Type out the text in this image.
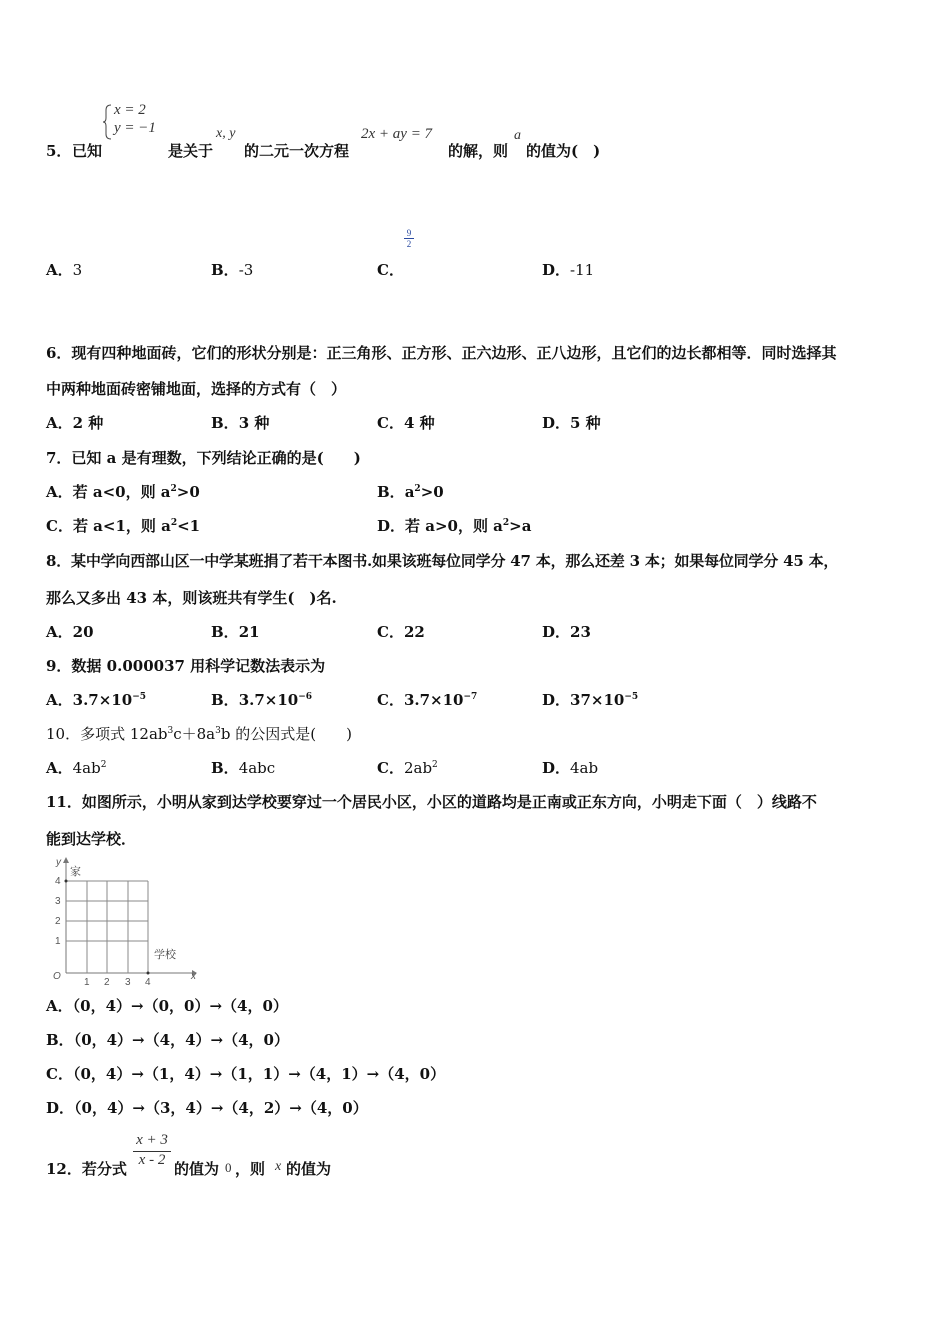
5． 已知
x = 2
y = −1
是关于
x, y
的二元一次方程
2x + ay = 7
的解，则
a
的值为(　)
A．3	B．-3	C．
$\frac{9}{2}$
D．-11
6．现有四种地面砖，它们的形状分别是：正三角形、正方形、正六边形、正八边形，且它们的边长都相等．同时选择其
中两种地面砖密铺地面，选择的方式有（　）
A．2 种	B．3 种	C．4 种	D．5 种
7．已知 a 是有理数，下列结论正确的是(　　)
A．若 a<0，则 $a^2>0$	B．$a^2>0$
C．若 a<1，则 $a^2<1$	D．若 a>0，则 $a^2>a$
8．某中学向西部山区一中学某班捐了若干本图书.如果该班每位同学分 47 本，那么还差 3 本；如果每位同学分 45 本，
那么又多出 43 本，则该班共有学生(　)名.
A．20	B．21	C．22	D．23
9．数据 0.000037 用科学记数法表示为
A．$3.7\times 10^{-5}$	B．$3.7\times 10^{-6}$	C．$3.7\times 10^{-7}$	D．$37\times 10^{-5}$
10．多项式 $12ab^3c+8a^3b$ 的公因式是(　　)
A．$4ab^2$	B．4abc	C．$2ab^2$	D．4ab
11．如图所示，小明从家到达学校要穿过一个居民小区，小区的道路均是正南或正东方向，小明走下面（　）线路不
能到达学校．
y
x
O
家
学校
1 2 3 4
1
2
3
4
A．（0，4）→（0，0）→（4，0）
B．（0，4）→（4，4）→（4，0）
C．（0，4）→（1，4）→（1，1）→（4，1）→（4，0）
D．（0，4）→（3，4）→（4，2）→（4，0）
12．若分式 $\frac{x + 3}{x - 2}$ 的值为 0 ，则 x 的值为
